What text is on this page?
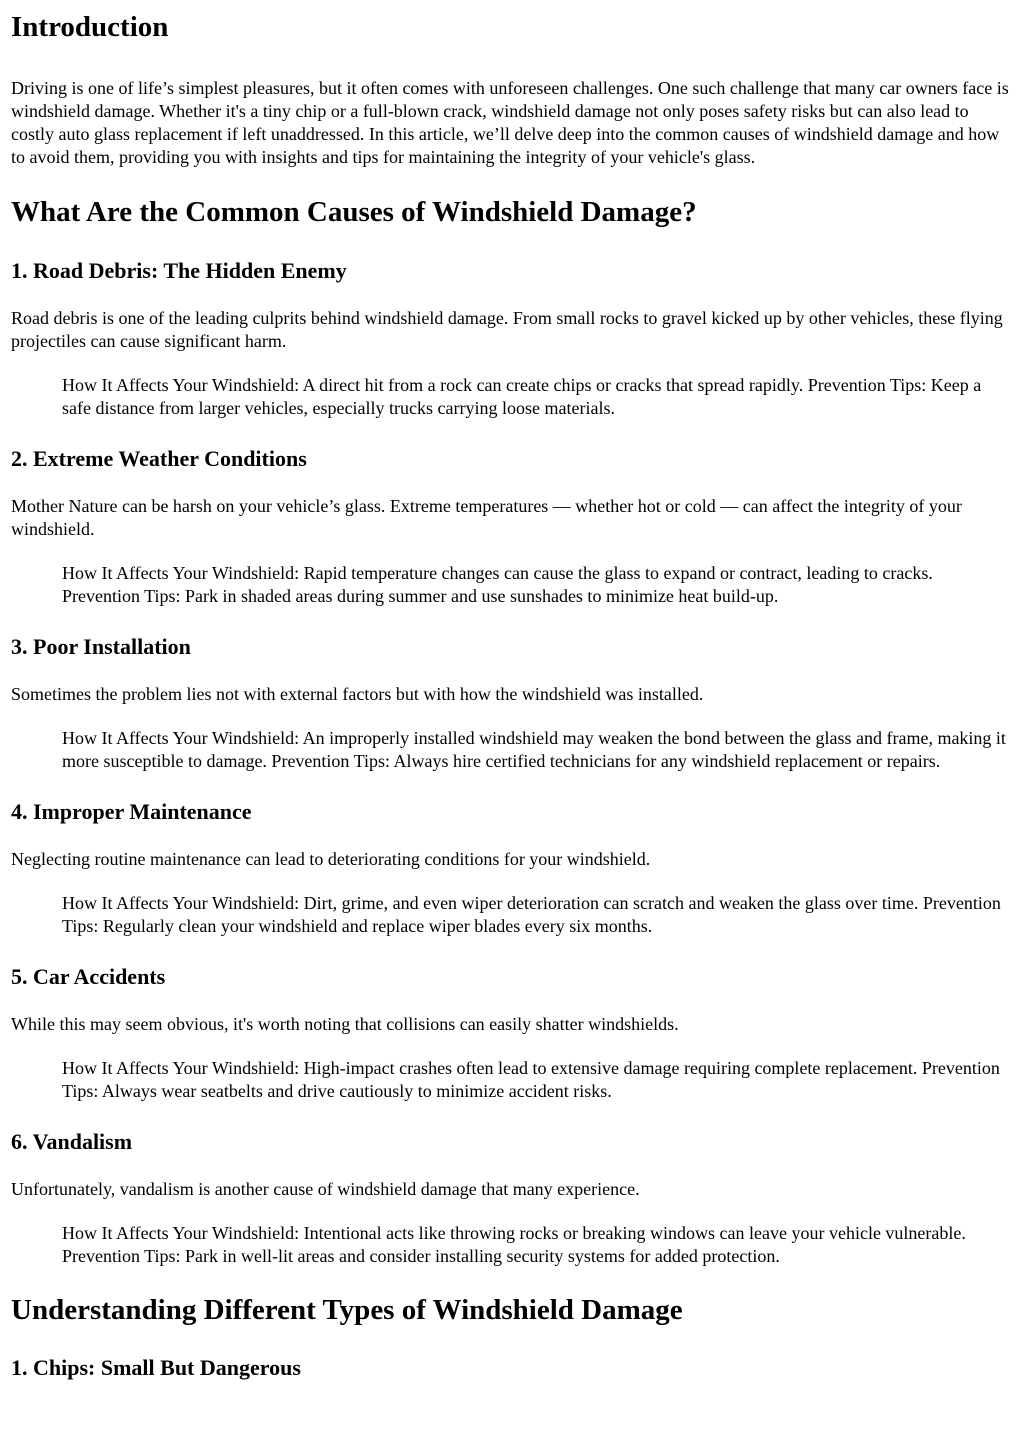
Introduction

Driving is one of life’s simplest pleasures, but it often comes with unforeseen challenges. One such challenge that many car owners face is windshield damage. Whether it's a tiny chip or a full-blown crack, windshield damage not only poses safety risks but can also lead to costly auto glass replacement if left unaddressed. In this article, we’ll delve deep into the common causes of windshield damage and how to avoid them, providing you with insights and tips for maintaining the integrity of your vehicle's glass.

What Are the Common Causes of Windshield Damage?
1. Road Debris: The Hidden Enemy

Road debris is one of the leading culprits behind windshield damage. From small rocks to gravel kicked up by other vehicles, these flying projectiles can cause significant harm.

How It Affects Your Windshield: A direct hit from a rock can create chips or cracks that spread rapidly. Prevention Tips: Keep a safe distance from larger vehicles, especially trucks carrying loose materials.
2. Extreme Weather Conditions

Mother Nature can be harsh on your vehicle’s glass. Extreme temperatures — whether hot or cold — can affect the integrity of your windshield.

How It Affects Your Windshield: Rapid temperature changes can cause the glass to expand or contract, leading to cracks. Prevention Tips: Park in shaded areas during summer and use sunshades to minimize heat build-up.
3. Poor Installation

Sometimes the problem lies not with external factors but with how the windshield was installed.

How It Affects Your Windshield: An improperly installed windshield may weaken the bond between the glass and frame, making it more susceptible to damage. Prevention Tips: Always hire certified technicians for any windshield replacement or repairs.
4. Improper Maintenance

Neglecting routine maintenance can lead to deteriorating conditions for your windshield.

How It Affects Your Windshield: Dirt, grime, and even wiper deterioration can scratch and weaken the glass over time. Prevention Tips: Regularly clean your windshield and replace wiper blades every six months.
5. Car Accidents

While this may seem obvious, it's worth noting that collisions can easily shatter windshields.

How It Affects Your Windshield: High-impact crashes often lead to extensive damage requiring complete replacement. Prevention Tips: Always wear seatbelts and drive cautiously to minimize accident risks.
6. Vandalism

Unfortunately, vandalism is another cause of windshield damage that many experience.

How It Affects Your Windshield: Intentional acts like throwing rocks or breaking windows can leave your vehicle vulnerable. Prevention Tips: Park in well-lit areas and consider installing security systems for added protection.
Understanding Different Types of Windshield Damage
1. Chips: Small But Dangerous
